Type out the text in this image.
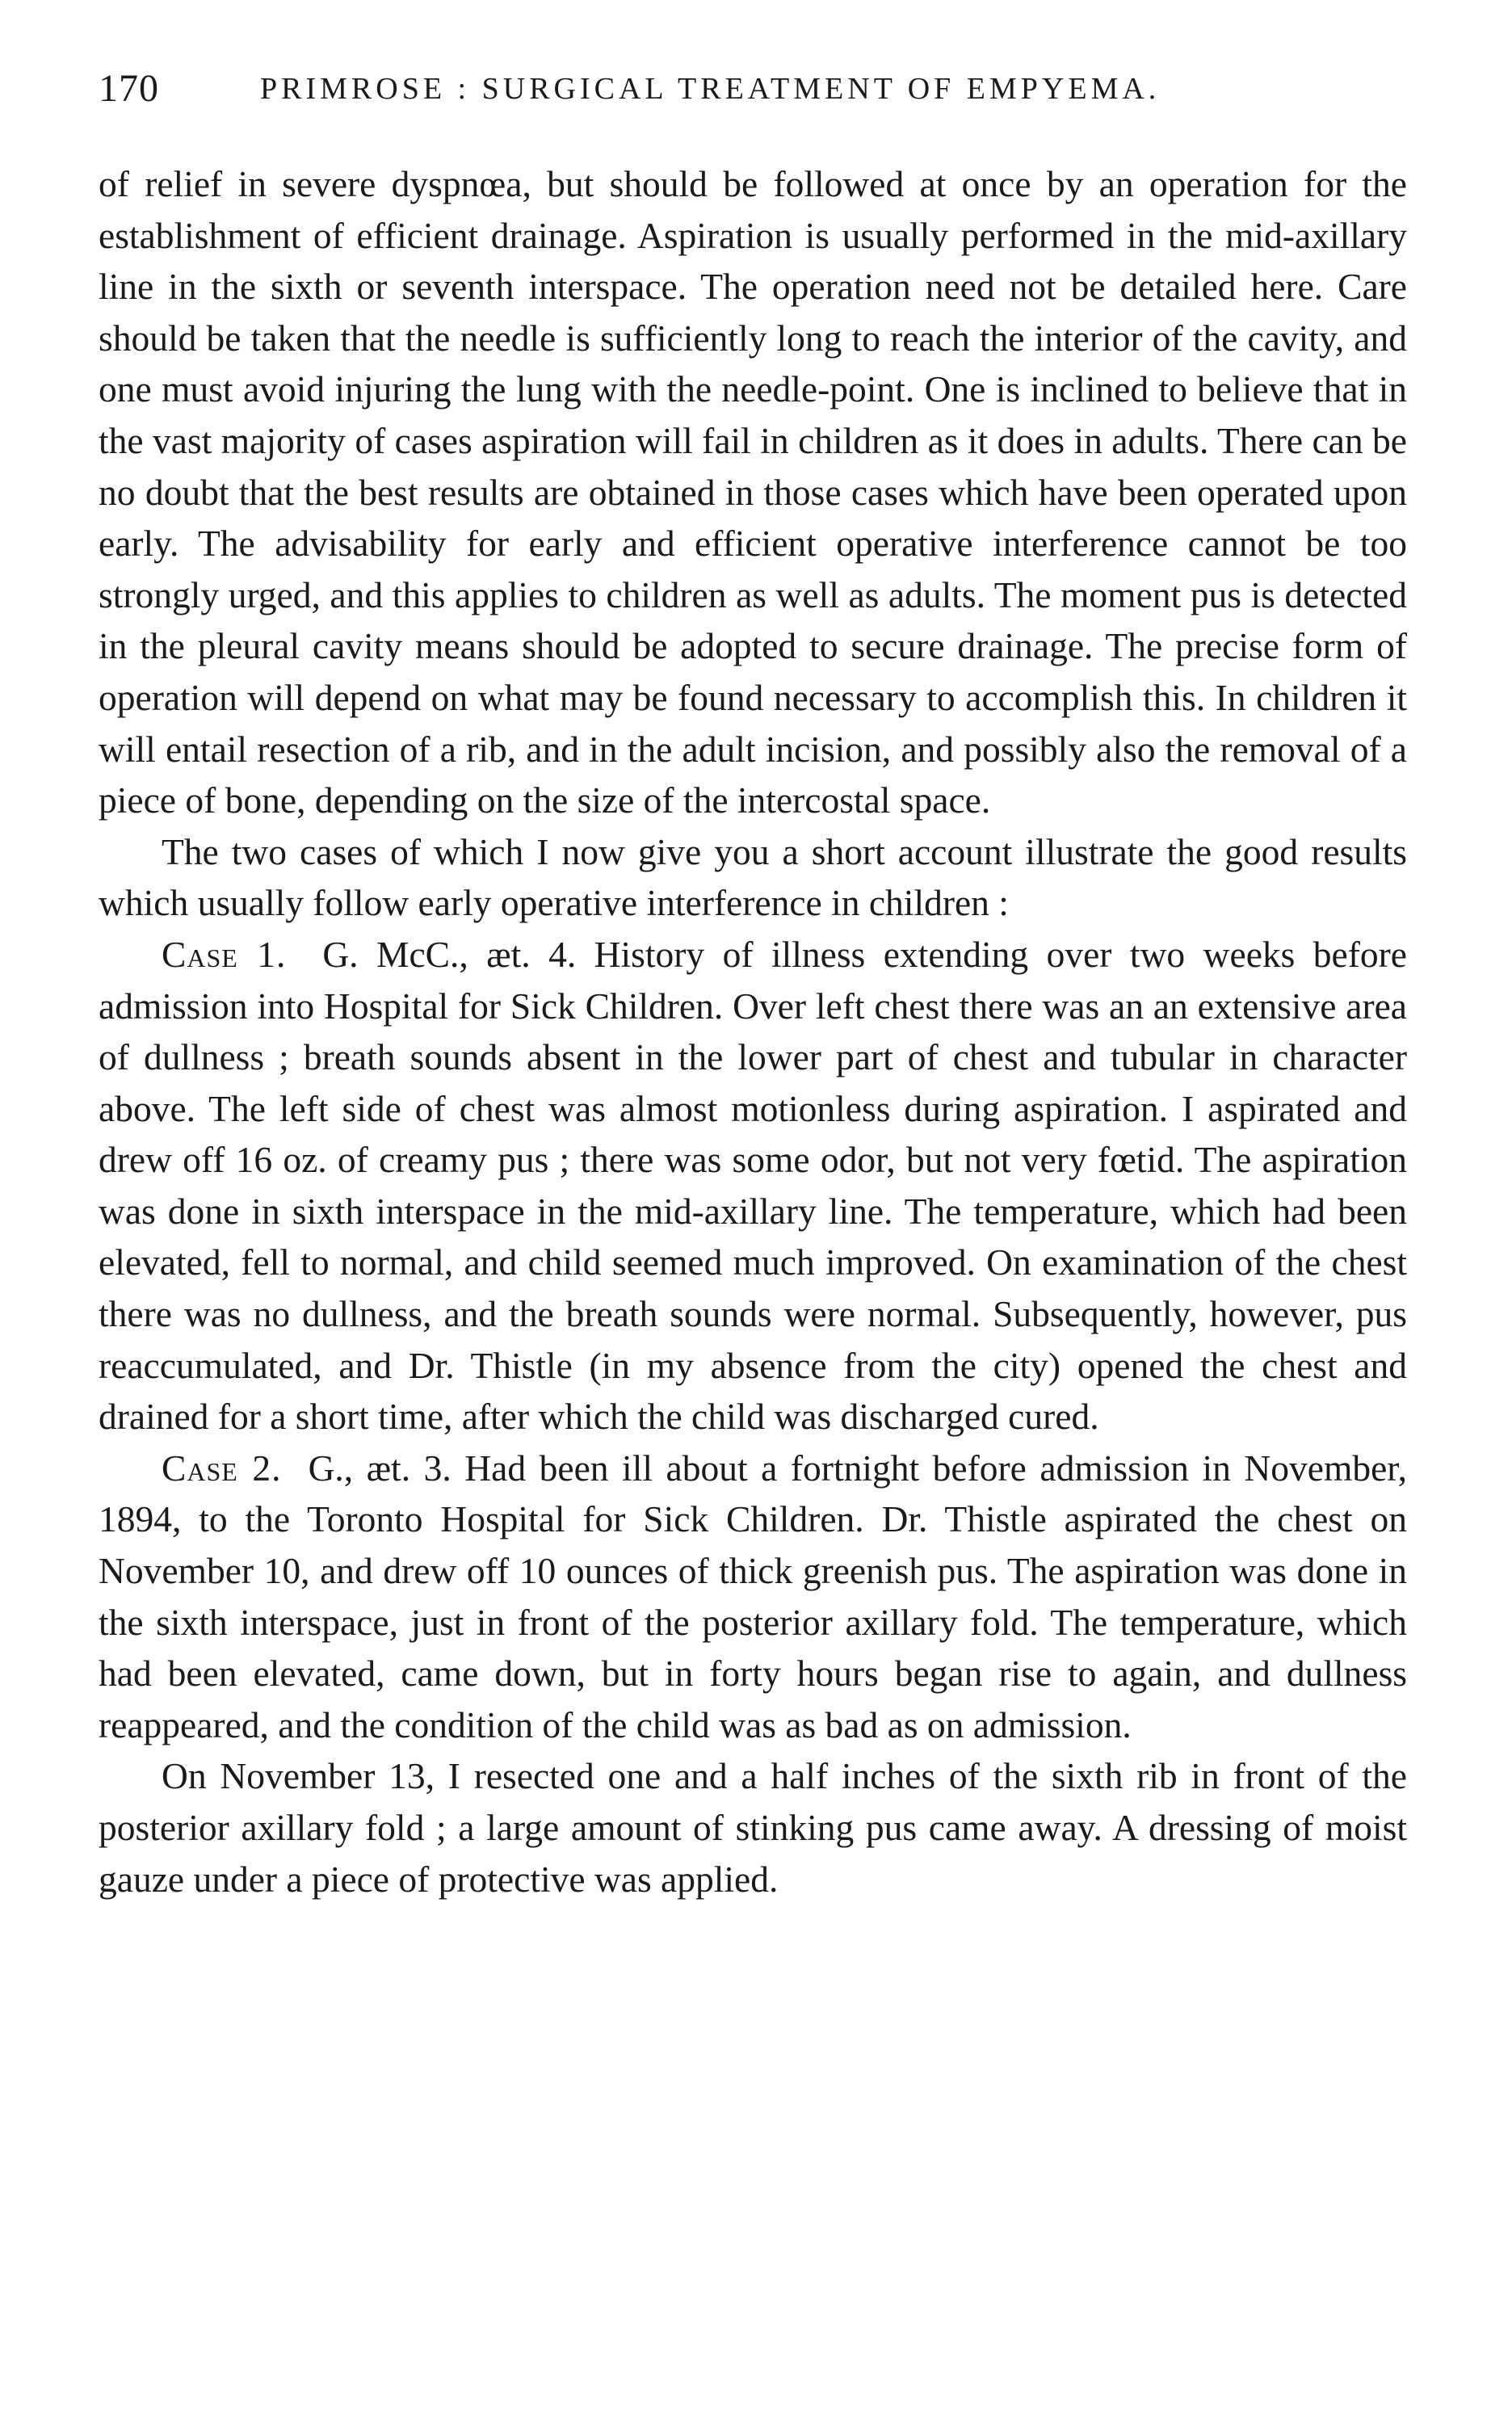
170	PRIMROSE : SURGICAL TREATMENT OF EMPYEMA.

of relief in severe dyspnœa, but should be followed at once by an operation for the establishment of efficient drainage. Aspiration is usually performed in the mid-axillary line in the sixth or seventh interspace. The operation need not be detailed here. Care should be taken that the needle is sufficiently long to reach the interior of the cavity, and one must avoid injuring the lung with the needle-point. One is inclined to believe that in the vast majority of cases aspiration will fail in children as it does in adults. There can be no doubt that the best results are obtained in those cases which have been operated upon early. The advisability for early and efficient operative interference cannot be too strongly urged, and this applies to children as well as adults. The moment pus is detected in the pleural cavity means should be adopted to secure drainage. The precise form of operation will depend on what may be found necessary to accomplish this. In children it will entail resection of a rib, and in the adult incision, and possibly also the removal of a piece of bone, depending on the size of the intercostal space.

The two cases of which I now give you a short account illustrate the good results which usually follow early operative interference in children :

Case 1. G. McC., æt. 4. History of illness extending over two weeks before admission into Hospital for Sick Children. Over left chest there was an an extensive area of dullness ; breath sounds absent in the lower part of chest and tubular in character above. The left side of chest was almost motionless during aspiration. I aspirated and drew off 16 oz. of creamy pus ; there was some odor, but not very fœtid. The aspiration was done in sixth interspace in the mid-axillary line. The temperature, which had been elevated, fell to normal, and child seemed much improved. On examination of the chest there was no dullness, and the breath sounds were normal. Subsequently, however, pus reaccumulated, and Dr. Thistle (in my absence from the city) opened the chest and drained for a short time, after which the child was discharged cured.

Case 2. G., æt. 3. Had been ill about a fortnight before admission in November, 1894, to the Toronto Hospital for Sick Children. Dr. Thistle aspirated the chest on November 10, and drew off 10 ounces of thick greenish pus. The aspiration was done in the sixth interspace, just in front of the posterior axillary fold. The temperature, which had been elevated, came down, but in forty hours began rise to again, and dullness reappeared, and the condition of the child was as bad as on admission.

On November 13, I resected one and a half inches of the sixth rib in front of the posterior axillary fold ; a large amount of stinking pus came away. A dressing of moist gauze under a piece of protective was applied.
